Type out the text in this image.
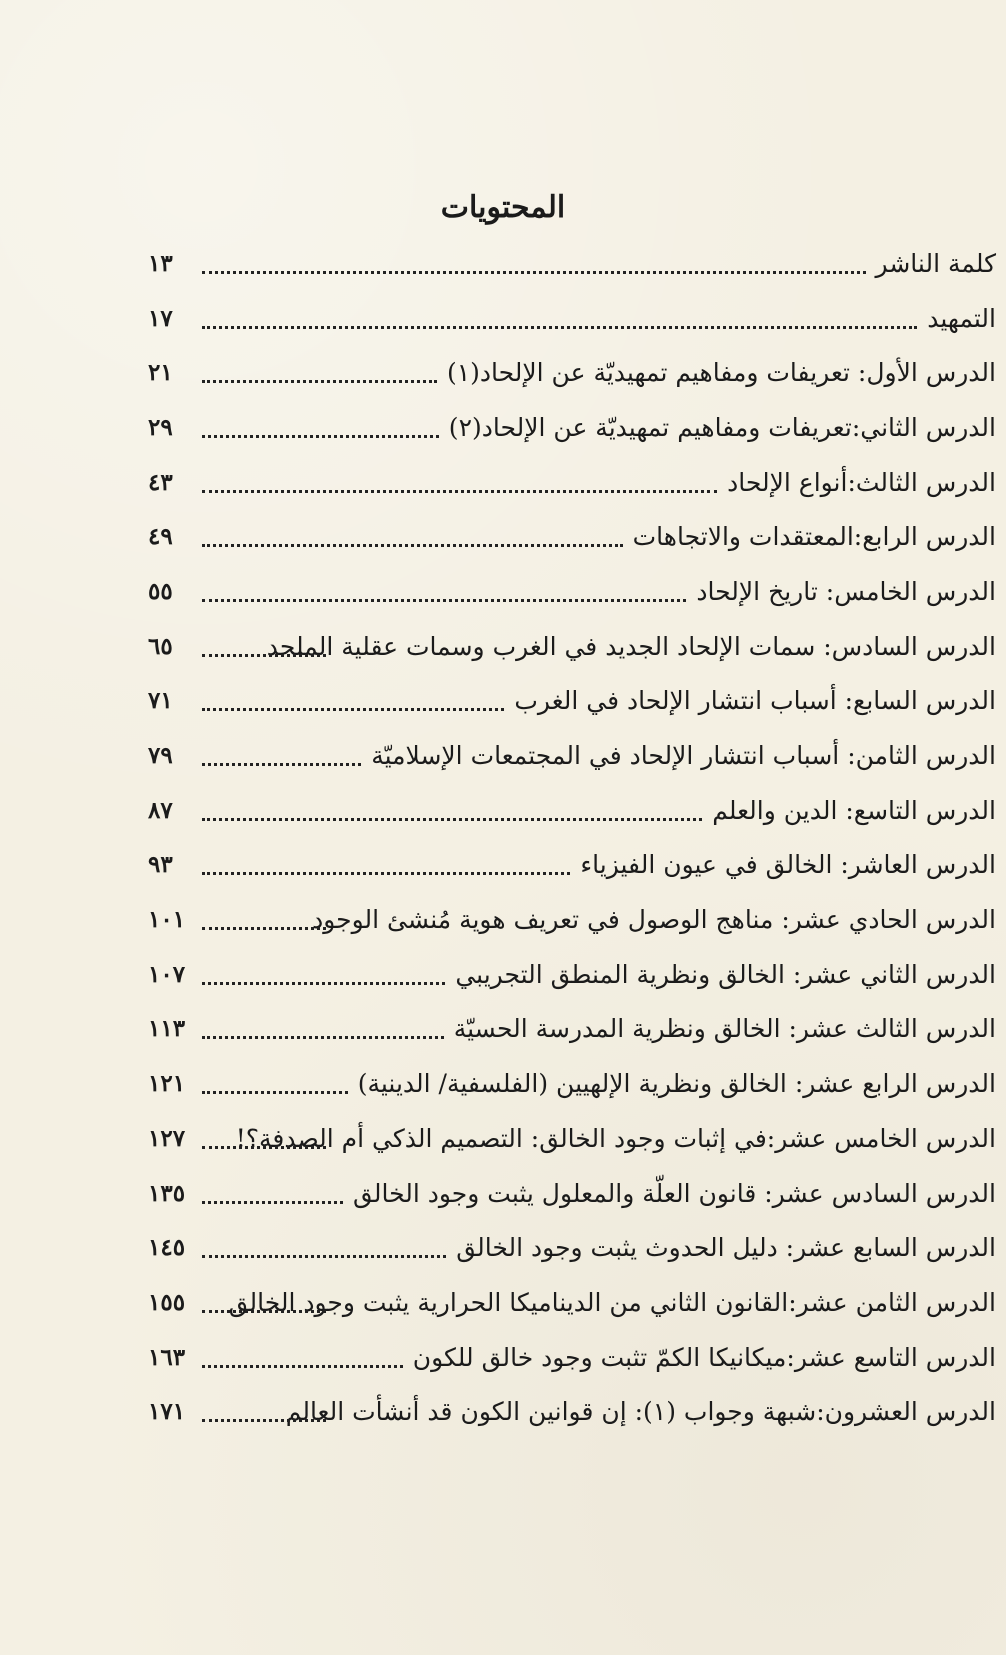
المحتويات
كلمة الناشر
١٣
التمهيد
١٧
الدرس الأول: تعريفات ومفاهيم تمهيديّة عن الإلحاد(١)
٢١
الدرس الثاني:تعريفات ومفاهيم تمهيديّة عن الإلحاد(٢)
٢٩
الدرس الثالث:أنواع الإلحاد
٤٣
الدرس الرابع:المعتقدات والاتجاهات
٤٩
الدرس الخامس: تاريخ الإلحاد
٥٥
الدرس السادس: سمات الإلحاد الجديد في الغرب وسمات عقلية الملحد
٦٥
الدرس السابع: أسباب انتشار الإلحاد في الغرب
٧١
الدرس الثامن: أسباب انتشار الإلحاد في المجتمعات الإسلاميّة
٧٩
الدرس التاسع: الدين والعلم
٨٧
الدرس العاشر: الخالق في عيون الفيزياء
٩٣
الدرس الحادي عشر: مناهج الوصول في تعريف هوية مُنشئ الوجود
١٠١
الدرس الثاني عشر: الخالق ونظرية المنطق التجريبي
١٠٧
الدرس الثالث عشر: الخالق ونظرية المدرسة الحسيّة
١١٣
الدرس الرابع عشر: الخالق ونظرية الإلهيين (الفلسفية/ الدينية)
١٢١
الدرس الخامس عشر:في إثبات وجود الخالق: التصميم الذكي أم الصدفة؟!
١٢٧
الدرس السادس عشر: قانون العلّة والمعلول يثبت وجود الخالق
١٣٥
الدرس السابع عشر: دليل الحدوث يثبت وجود الخالق
١٤٥
الدرس الثامن عشر:القانون الثاني من الديناميكا الحرارية يثبت وجود الخالق
١٥٥
الدرس التاسع عشر:ميكانيكا الكمّ تثبت وجود خالق للكون
١٦٣
الدرس العشرون:شبهة وجواب (١): إن قوانين الكون قد أنشأت العالم
١٧١
